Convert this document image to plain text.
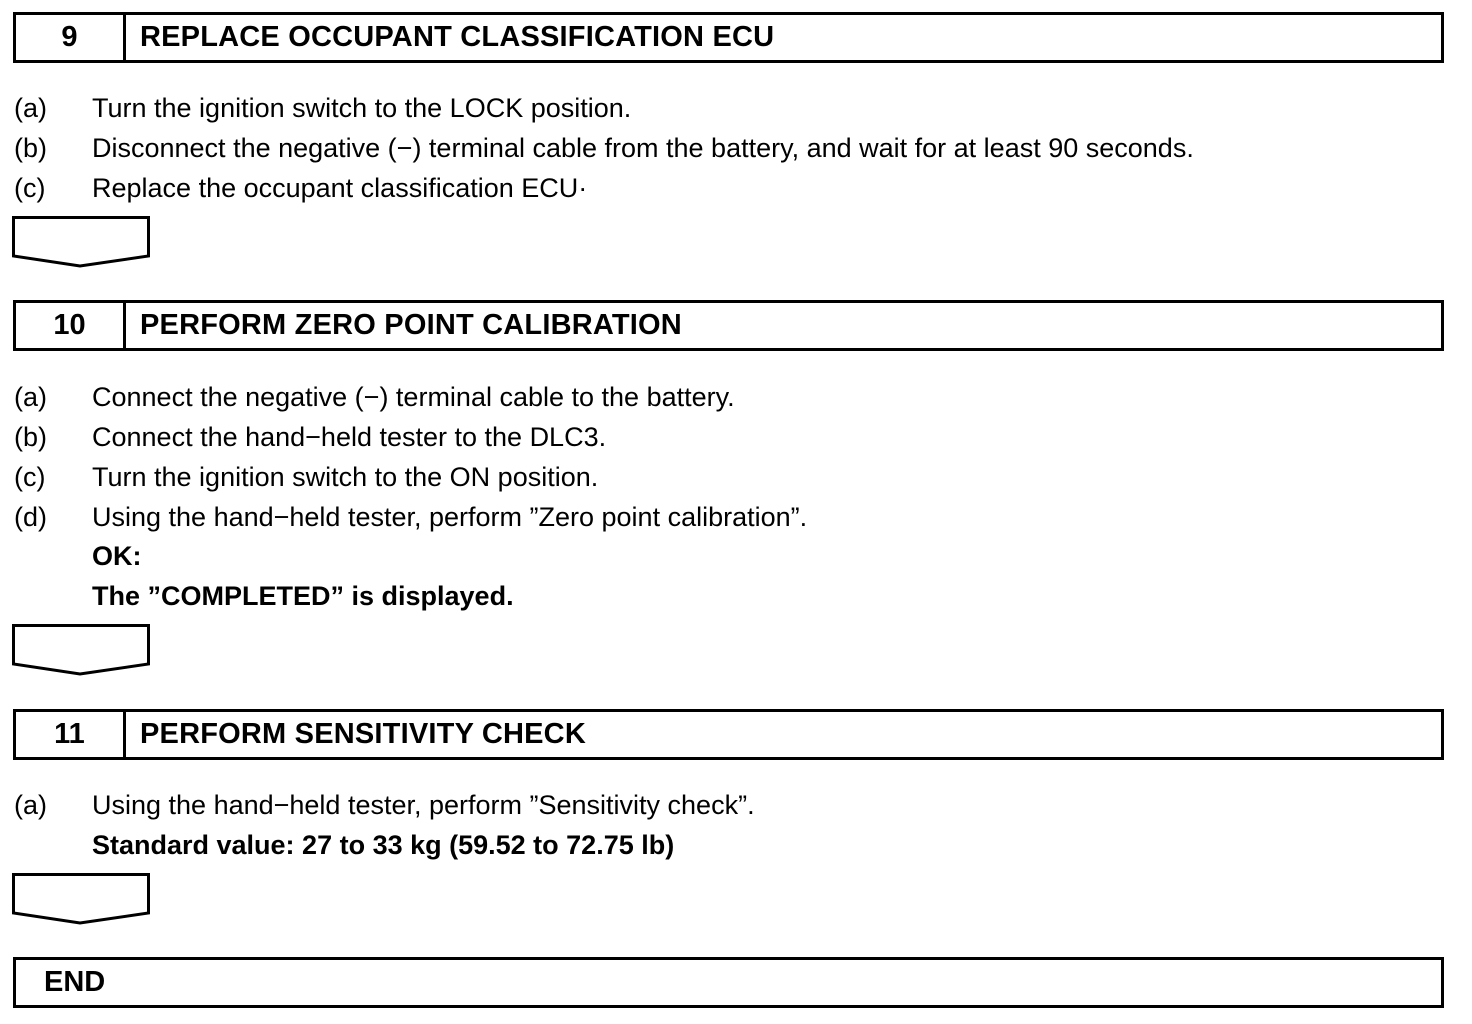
9	REPLACE OCCUPANT CLASSIFICATION ECU
(a)	Turn the ignition switch to the LOCK position.
(b)	Disconnect the negative (−) terminal cable from the battery, and wait for at least 90 seconds.
(c)	Replace the occupant classification ECU·
10	PERFORM ZERO POINT CALIBRATION
(a)	Connect the negative (−) terminal cable to the battery.
(b)	Connect the hand−held tester to the DLC3.
(c)	Turn the ignition switch to the ON position.
(d)	Using the hand−held tester, perform ”Zero point calibration”.
OK:
The ”COMPLETED” is displayed.
11	PERFORM SENSITIVITY CHECK
(a)	Using the hand−held tester, perform ”Sensitivity check”.
Standard value: 27 to 33 kg (59.52 to 72.75 lb)
END
